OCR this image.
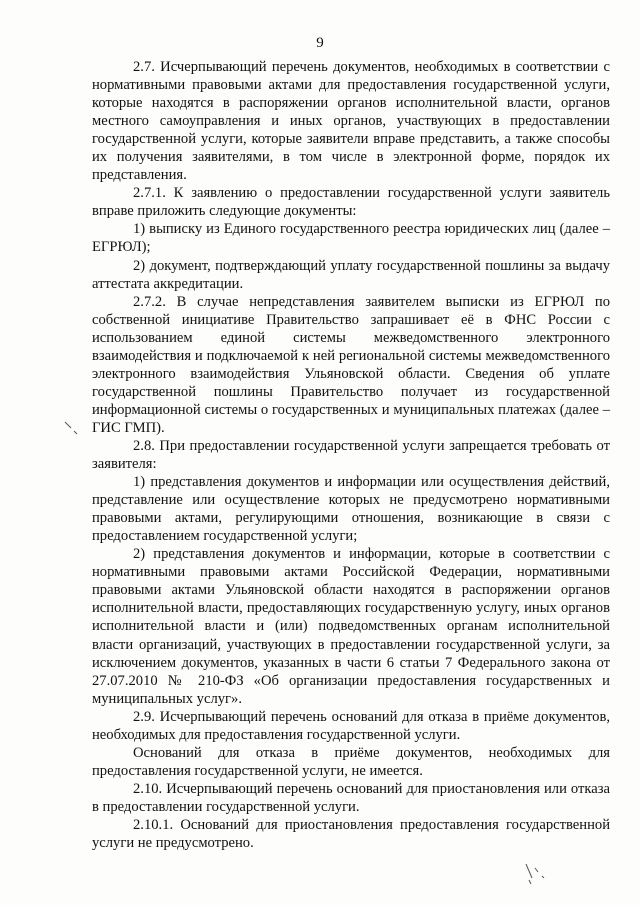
9

2.7. Исчерпывающий перечень документов, необходимых в соответствии с нормативными правовыми актами для предоставления государственной услуги, которые находятся в распоряжении органов исполнительной власти, органов местного самоуправления и иных органов, участвующих в предоставлении государственной услуги, которые заявители вправе представить, а также способы их получения заявителями, в том числе в электронной форме, порядок их представления.

2.7.1. К заявлению о предоставлении государственной услуги заявитель вправе приложить следующие документы:

1) выписку из Единого государственного реестра юридических лиц (далее – ЕГРЮЛ);

2) документ, подтверждающий уплату государственной пошлины за выдачу аттестата аккредитации.

2.7.2. В случае непредставления заявителем выписки из ЕГРЮЛ по собственной инициативе Правительство запрашивает её в ФНС России с использованием единой системы межведомственного электронного взаимодействия и подключаемой к ней региональной системы межведомственного электронного взаимодействия Ульяновской области. Сведения об уплате государственной пошлины Правительство получает из государственной информационной системы о государственных и муниципальных платежах (далее – ГИС ГМП).

2.8. При предоставлении государственной услуги запрещается требовать от заявителя:

1) представления документов и информации или осуществления действий, представление или осуществление которых не предусмотрено нормативными правовыми актами, регулирующими отношения, возникающие в связи с предоставлением государственной услуги;

2) представления документов и информации, которые в соответствии с нормативными правовыми актами Российской Федерации, нормативными правовыми актами Ульяновской области находятся в распоряжении органов исполнительной власти, предоставляющих государственную услугу, иных органов исполнительной власти и (или) подведомственных органам исполнительной власти организаций, участвующих в предоставлении государственной услуги, за исключением документов, указанных в части 6 статьи 7 Федерального закона от 27.07.2010 № 210-ФЗ «Об организации предоставления государственных и муниципальных услуг».

2.9. Исчерпывающий перечень оснований для отказа в приёме документов, необходимых для предоставления государственной услуги.

Оснований для отказа в приёме документов, необходимых для предоставления государственной услуги, не имеется.

2.10. Исчерпывающий перечень оснований для приостановления или отказа в предоставлении государственной услуги.

2.10.1. Оснований для приостановления предоставления государственной услуги не предусмотрено.
